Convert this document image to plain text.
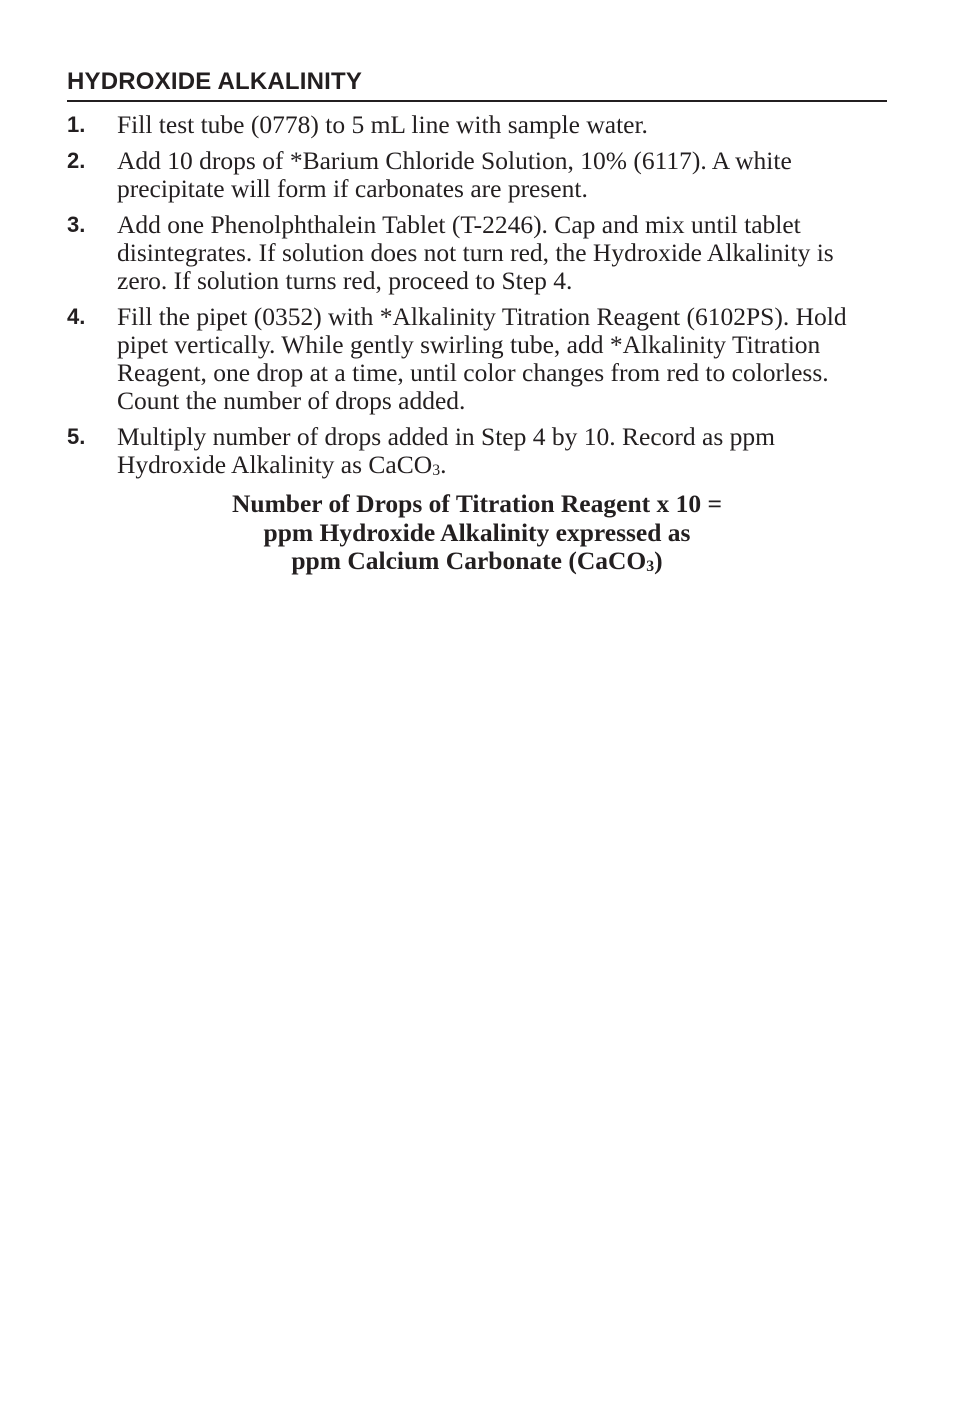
HYDROXIDE ALKALINITY
1.	Fill test tube (0778) to 5 mL line with sample water.
2.	Add 10 drops of *Barium Chloride Solution, 10% (6117). A white precipitate will form if carbonates are present.
3.	Add one Phenolphthalein Tablet (T-2246). Cap and mix until tablet disintegrates. If solution does not turn red, the Hydroxide Alkalinity is zero. If solution turns red, proceed to Step 4.
4.	Fill the pipet (0352) with *Alkalinity Titration Reagent (6102PS). Hold pipet vertically. While gently swirling tube, add *Alkalinity Titration Reagent, one drop at a time, until color changes from red to colorless. Count the number of drops added.
5.	Multiply number of drops added in Step 4 by 10. Record as ppm Hydroxide Alkalinity as CaCO$_3$.
Number of Drops of Titration Reagent x 10 =
ppm Hydroxide Alkalinity expressed as
ppm Calcium Carbonate (CaCO$_3$)
